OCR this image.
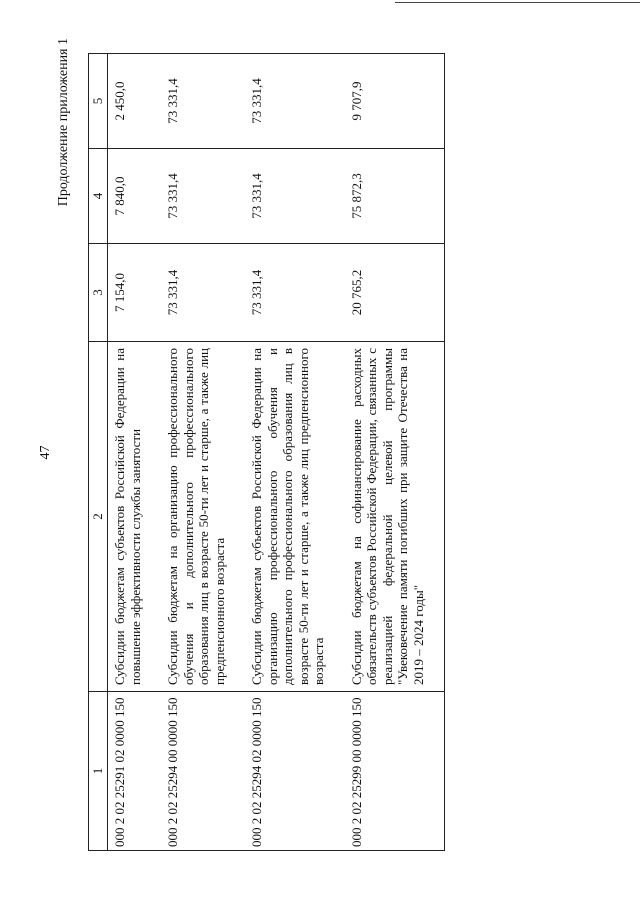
47
Продолжение приложения 1
1	2	3	4	5
000 2 02 25291 02 0000 150	Субсидии бюджетам субъектов Российской Федерации на повышение эффективности службы занятости	7 154,0	7 840,0	2 450,0
000 2 02 25294 00 0000 150	Субсидии бюджетам на организацию профессионального обучения и дополнительного профессионального образования лиц в возрасте 50-ти лет и старше, а также лиц предпенсионного возраста	73 331,4	73 331,4	73 331,4
000 2 02 25294 02 0000 150	Субсидии бюджетам субъектов Российской Федерации на организацию профессионального обучения и дополнительного профессионального образования лиц в возрасте 50-ти лет и старше, а также лиц предпенсионного возраста	73 331,4	73 331,4	73 331,4
000 2 02 25299 00 0000 150	Субсидии бюджетам на софинансирование расходных обязательств субъектов Российской Федерации, связанных с реализацией федеральной целевой программы "Увековечение памяти погибших при защите Отечества на 2019 – 2024 годы"	20 765,2	75 872,3	9 707,9
